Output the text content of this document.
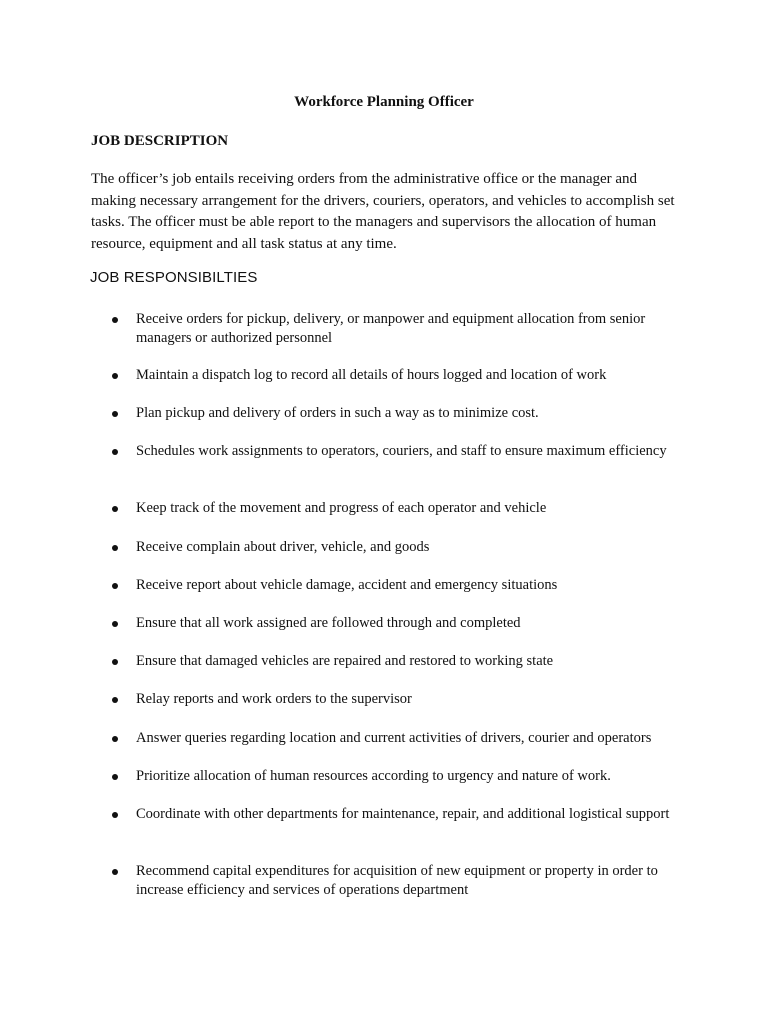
Workforce Planning Officer
JOB DESCRIPTION
The officer’s job entails receiving orders from the administrative office or the manager and making necessary arrangement for the drivers, couriers, operators, and vehicles to accomplish set tasks. The officer must be able report to the managers and supervisors the allocation of human resource, equipment and all task status at any time.
JOB RESPONSIBILTIES
Receive orders for pickup, delivery, or manpower and equipment allocation from senior managers or authorized personnel
Maintain a dispatch log to record all details of hours logged and location of work
Plan pickup and delivery of orders in such a way as to minimize cost.
Schedules work assignments to operators, couriers, and staff to ensure maximum efficiency
Keep track of the movement and progress of each operator and vehicle
Receive complain about driver, vehicle, and goods
Receive report about vehicle damage, accident and emergency situations
Ensure that all work assigned are followed through and completed
Ensure that damaged vehicles are repaired and restored to working state
Relay reports and work orders to the supervisor
Answer queries regarding location and current activities of drivers, courier and operators
Prioritize allocation of human resources according to urgency and nature of work.
Coordinate with other departments for maintenance, repair, and additional logistical support
Recommend capital expenditures for acquisition of new equipment or property in order to increase efficiency and services of operations department
